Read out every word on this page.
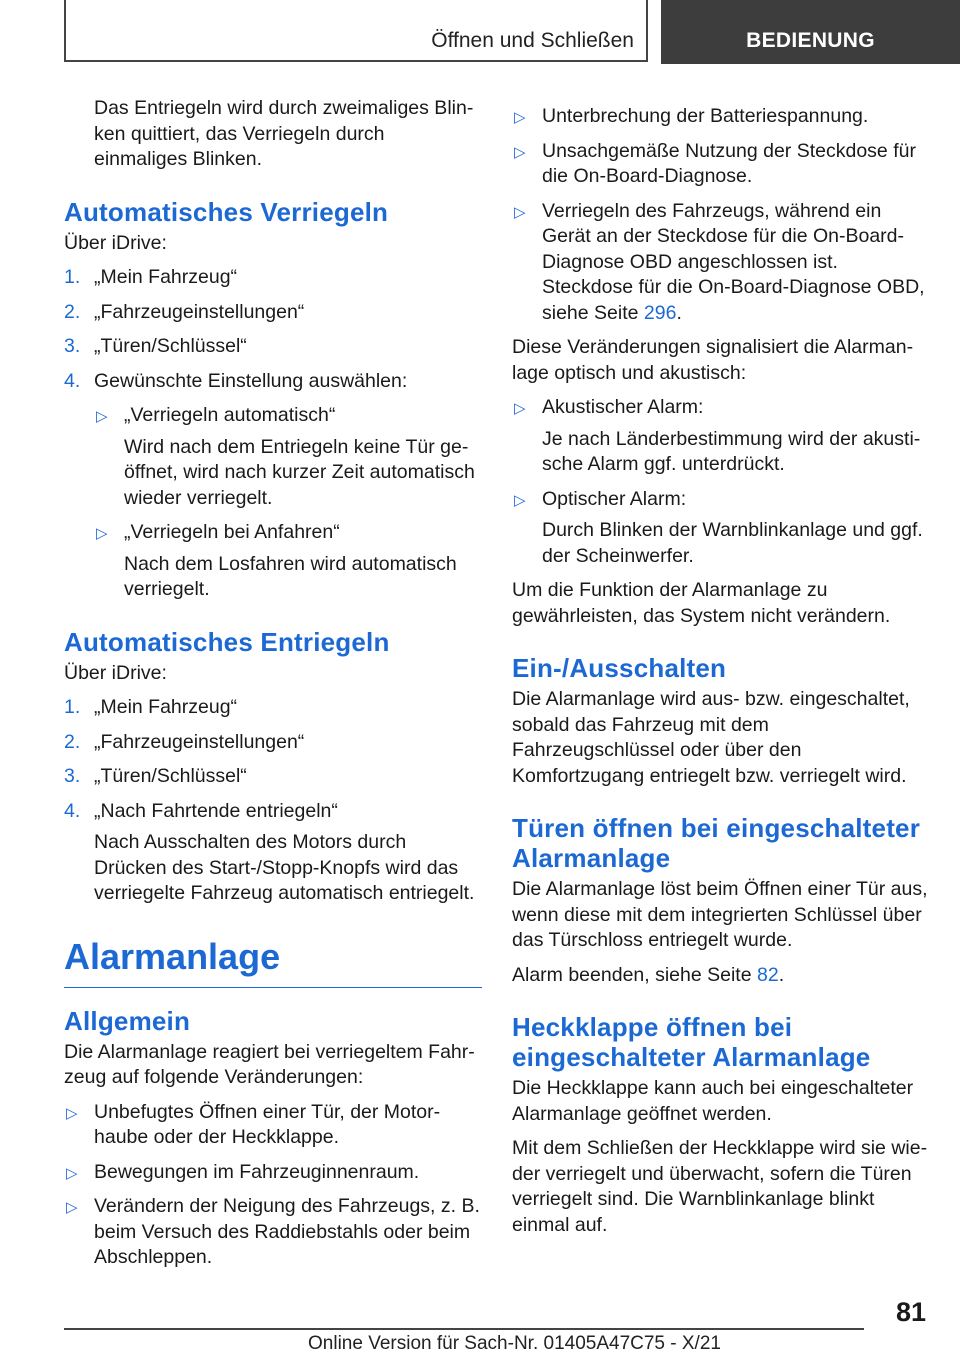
Öffnen und Schließen	BEDIENUNG

Das Entriegeln wird durch zweimaliges Blinken quittiert, das Verriegeln durch einmaliges Blinken.

Automatisches Verriegeln

Über iDrive:

1. „Mein Fahrzeug“
2. „Fahrzeugeinstellungen“
3. „Türen/Schlüssel“
4. Gewünschte Einstellung auswählen:
▷ „Verriegeln automatisch“
Wird nach dem Entriegeln keine Tür geöffnet, wird nach kurzer Zeit automatisch wieder verriegelt.
▷ „Verriegeln bei Anfahren“
Nach dem Losfahren wird automatisch verriegelt.
Automatisches Entriegeln

Über iDrive:

1. „Mein Fahrzeug“
2. „Fahrzeugeinstellungen“
3. „Türen/Schlüssel“
4. „Nach Fahrtende entriegeln“
Nach Ausschalten des Motors durch Drücken des Start-/Stopp-Knopfs wird das verriegelte Fahrzeug automatisch entriegelt.
Alarmanlage
Allgemein

Die Alarmanlage reagiert bei verriegeltem Fahrzeug auf folgende Veränderungen:

▷ Unbefugtes Öffnen einer Tür, der Motorhaube oder der Heckklappe.
▷ Bewegungen im Fahrzeuginnenraum.
▷ Verändern der Neigung des Fahrzeugs, z. B. beim Versuch des Raddiebstahls oder beim Abschleppen.
▷ Unterbrechung der Batteriespannung.
▷ Unsachgemäße Nutzung der Steckdose für die On-Board-Diagnose.
▷ Verriegeln des Fahrzeugs, während ein Gerät an der Steckdose für die On-Board-Diagnose OBD angeschlossen ist. Steckdose für die On-Board-Diagnose OBD, siehe Seite 296.

Diese Veränderungen signalisiert die Alarmanlage optisch und akustisch:

▷ Akustischer Alarm:
Je nach Länderbestimmung wird der akustische Alarm ggf. unterdrückt.
▷ Optischer Alarm:
Durch Blinken der Warnblinkanlage und ggf. der Scheinwerfer.

Um die Funktion der Alarmanlage zu gewährleisten, das System nicht verändern.

Ein-/Ausschalten

Die Alarmanlage wird aus- bzw. eingeschaltet, sobald das Fahrzeug mit dem Fahrzeugschlüssel oder über den Komfortzugang entriegelt bzw. verriegelt wird.

Türen öffnen bei eingeschalteter Alarmanlage

Die Alarmanlage löst beim Öffnen einer Tür aus, wenn diese mit dem integrierten Schlüssel über das Türschloss entriegelt wurde.

Alarm beenden, siehe Seite 82.

Heckklappe öffnen bei eingeschalteter Alarmanlage

Die Heckklappe kann auch bei eingeschalteter Alarmanlage geöffnet werden.

Mit dem Schließen der Heckklappe wird sie wieder verriegelt und überwacht, sofern die Türen verriegelt sind. Die Warnblinkanlage blinkt einmal auf.

81
Online Version für Sach-Nr. 01405A47C75 - X/21
